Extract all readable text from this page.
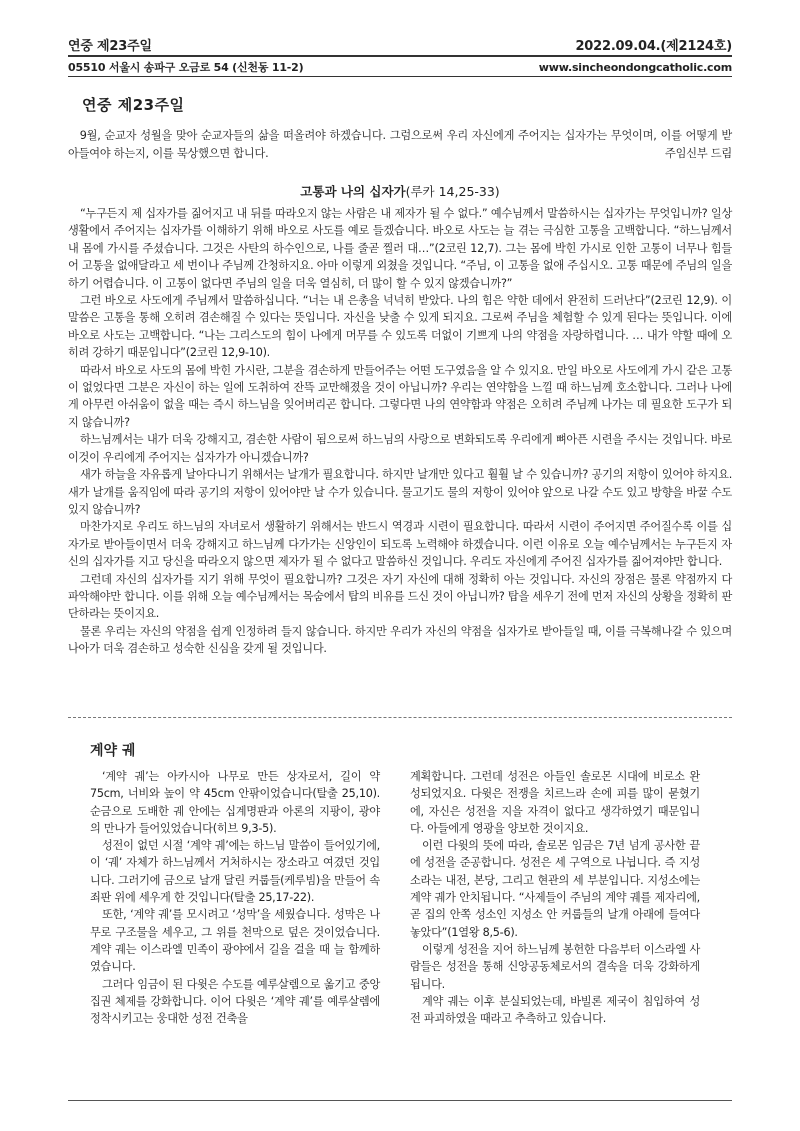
연중 제23주일	2022.09.04.(제2124호)
05510 서울시 송파구 오금로 54 (신천동 11-2)	www.sincheondongcatholic.com
연중 제23주일
9월, 순교자 성월을 맞아 순교자들의 삶을 떠올려야 하겠습니다. 그럼으로써 우리 자신에게 주어지는 십자가는 무엇이며, 이를 어떻게 받아들여야 하는지, 이를 묵상했으면 합니다.	주임신부 드림
고통과 나의 십자가(루카 14,25-33)

“누구든지 제 십자가를 짊어지고 내 뒤를 따라오지 않는 사람은 내 제자가 될 수 없다.” 예수님께서 말씀하시는 십자가는 무엇입니까? 일상생활에서 주어지는 십자가를 이해하기 위해 바오로 사도를 예로 들겠습니다. 바오로 사도는 늘 겪는 극심한 고통을 고백합니다. “하느님께서 내 몸에 가시를 주셨습니다. 그것은 사탄의 하수인으로, 나를 줄곧 찔러 대…”(2코린 12,7). 그는 몸에 박힌 가시로 인한 고통이 너무나 힘들어 고통을 없애달라고 세 번이나 주님께 간청하지요. 아마 이렇게 외쳤을 것입니다. “주님, 이 고통을 없애 주십시오. 고통 때문에 주님의 일을 하기 어렵습니다. 이 고통이 없다면 주님의 일을 더욱 열심히, 더 많이 할 수 있지 않겠습니까?”

그런 바오로 사도에게 주님께서 말씀하십니다. “너는 내 은총을 넉넉히 받았다. 나의 힘은 약한 데에서 완전히 드러난다”(2코린 12,9). 이 말씀은 고통을 통해 오히려 겸손해질 수 있다는 뜻입니다. 자신을 낮출 수 있게 되지요. 그로써 주님을 체험할 수 있게 된다는 뜻입니다. 이에 바오로 사도는 고백합니다. “나는 그리스도의 힘이 나에게 머무를 수 있도록 더없이 기쁘게 나의 약점을 자랑하렵니다. … 내가 약할 때에 오히려 강하기 때문입니다”(2코린 12,9-10).

따라서 바오로 사도의 몸에 박힌 가시란, 그분을 겸손하게 만들어주는 어떤 도구였음을 알 수 있지요. 만일 바오로 사도에게 가시 같은 고통이 없었다면 그분은 자신이 하는 일에 도취하여 잔뜩 교만해졌을 것이 아닙니까? 우리는 연약함을 느낄 때 하느님께 호소합니다. 그러나 나에게 아무런 아쉬움이 없을 때는 즉시 하느님을 잊어버리곤 합니다. 그렇다면 나의 연약함과 약점은 오히려 주님께 나가는 데 필요한 도구가 되지 않습니까?

하느님께서는 내가 더욱 강해지고, 겸손한 사람이 됨으로써 하느님의 사랑으로 변화되도록 우리에게 뼈아픈 시련을 주시는 것입니다. 바로 이것이 우리에게 주어지는 십자가가 아니겠습니까?

새가 하늘을 자유롭게 날아다니기 위해서는 날개가 필요합니다. 하지만 날개만 있다고 훨훨 날 수 있습니까? 공기의 저항이 있어야 하지요. 새가 날개를 움직임에 따라 공기의 저항이 있어야만 날 수가 있습니다. 물고기도 물의 저항이 있어야 앞으로 나갈 수도 있고 방향을 바꿀 수도 있지 않습니까?

마찬가지로 우리도 하느님의 자녀로서 생활하기 위해서는 반드시 역경과 시련이 필요합니다. 따라서 시련이 주어지면 주어질수록 이를 십자가로 받아들이면서 더욱 강해지고 하느님께 다가가는 신앙인이 되도록 노력해야 하겠습니다. 이런 이유로 오늘 예수님께서는 누구든지 자신의 십자가를 지고 당신을 따라오지 않으면 제자가 될 수 없다고 말씀하신 것입니다. 우리도 자신에게 주어진 십자가를 짊어져야만 합니다.

그런데 자신의 십자가를 지기 위해 무엇이 필요합니까? 그것은 자기 자신에 대해 정확히 아는 것입니다. 자신의 장점은 물론 약점까지 다 파악해야만 합니다. 이를 위해 오늘 예수님께서는 목숨에서 탑의 비유를 드신 것이 아닙니까? 탑을 세우기 전에 먼저 자신의 상황을 정확히 판단하라는 뜻이지요.

물론 우리는 자신의 약점을 쉽게 인정하려 들지 않습니다. 하지만 우리가 자신의 약점을 십자가로 받아들일 때, 이를 극복해나갈 수 있으며 나아가 더욱 겸손하고 성숙한 신심을 갖게 될 것입니다.

계약 궤

‘계약 궤’는 아카시아 나무로 만든 상자로서, 길이 약 75cm, 너비와 높이 약 45cm 안팎이었습니다(탈출 25,10). 순금으로 도배한 궤 안에는 십계명판과 아론의 지팡이, 광야의 만나가 들어있었습니다(히브 9,3-5).

성전이 없던 시절 ‘계약 궤’에는 하느님 말씀이 들어있기에, 이 ‘궤’ 자체가 하느님께서 거처하시는 장소라고 여겼던 것입니다. 그러기에 금으로 날개 달린 커룹들(케루빔)을 만들어 속죄판 위에 세우게 한 것입니다(탈출 25,17-22).

또한, ‘계약 궤’를 모시려고 ‘성막’을 세웠습니다. 성막은 나무로 구조물을 세우고, 그 위를 천막으로 덮은 것이었습니다. 계약 궤는 이스라엘 민족이 광야에서 길을 걸을 때 늘 함께하였습니다.

그러다 임금이 된 다윗은 수도를 예루살렘으로 옮기고 중앙집권 체제를 강화합니다. 이어 다윗은 ‘계약 궤’를 예루살렘에 정착시키고는 웅대한 성전 건축을

계획합니다. 그런데 성전은 아들인 솔로몬 시대에 비로소 완성되었지요. 다윗은 전쟁을 치르느라 손에 피를 많이 묻혔기에, 자신은 성전을 지을 자격이 없다고 생각하였기 때문입니다. 아들에게 영광을 양보한 것이지요.

이런 다윗의 뜻에 따라, 솔로몬 임금은 7년 넘게 공사한 끝에 성전을 준공합니다. 성전은 세 구역으로 나뉩니다. 즉 지성소라는 내전, 본당, 그리고 현관의 세 부분입니다. 지성소에는 계약 궤가 안치됩니다. “사제들이 주님의 계약 궤를 제자리에, 곧 집의 안쪽 성소인 지성소 안 커룹들의 날개 아래에 들여다 놓았다”(1열왕 8,5-6).

이렇게 성전을 지어 하느님께 봉헌한 다음부터 이스라엘 사람들은 성전을 통해 신앙공동체로서의 결속을 더욱 강화하게 됩니다.

계약 궤는 이후 분실되었는데, 바빌론 제국이 침입하여 성전 파괴하였을 때라고 추측하고 있습니다.
